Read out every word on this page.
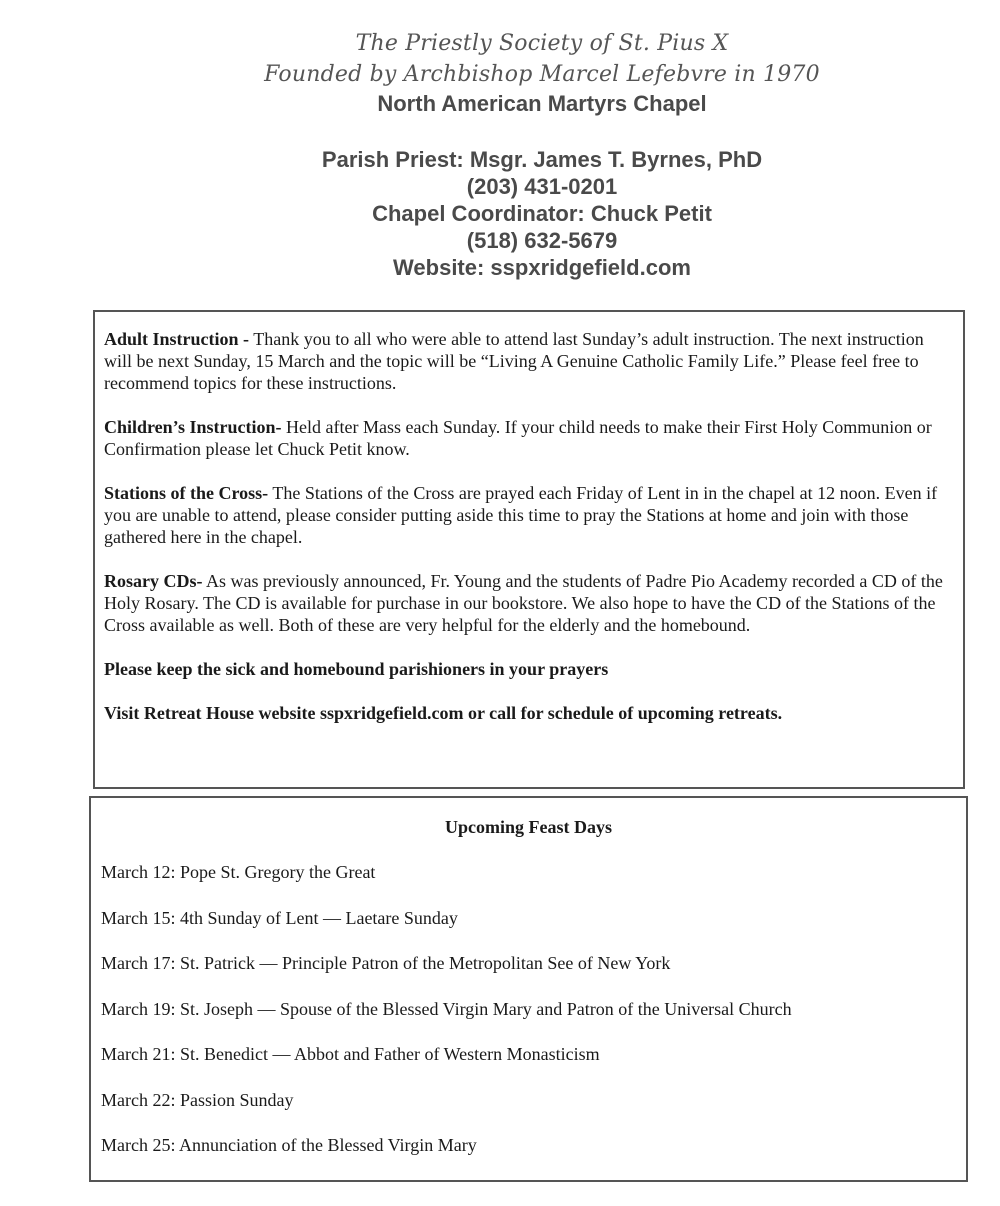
The Priestly Society of St. Pius X
Founded by Archbishop Marcel Lefebvre in 1970
North American Martyrs Chapel
Parish Priest: Msgr. James T. Byrnes, PhD
(203) 431-0201
Chapel Coordinator: Chuck Petit
(518) 632-5679
Website: sspxridgefield.com

Adult Instruction - Thank you to all who were able to attend last Sunday’s adult instruction. The next instruction will be next Sunday, 15 March and the topic will be “Living A Genuine Catholic Family Life.” Please feel free to recommend topics for these instructions.

Children’s Instruction- Held after Mass each Sunday. If your child needs to make their First Holy Communion or Confirmation please let Chuck Petit know.

Stations of the Cross- The Stations of the Cross are prayed each Friday of Lent in in the chapel at 12 noon. Even if you are unable to attend, please consider putting aside this time to pray the Stations at home and join with those gathered here in the chapel.

Rosary CDs- As was previously announced, Fr. Young and the students of Padre Pio Academy recorded a CD of the Holy Rosary. The CD is available for purchase in our bookstore. We also hope to have the CD of the Stations of the Cross available as well. Both of these are very helpful for the elderly and the homebound.

Please keep the sick and homebound parishioners in your prayers

Visit Retreat House website sspxridgefield.com or call for schedule of upcoming retreats.

Upcoming Feast Days
March 12: Pope St. Gregory the Great
March 15: 4th Sunday of Lent — Laetare Sunday
March 17: St. Patrick — Principle Patron of the Metropolitan See of New York
March 19: St. Joseph — Spouse of the Blessed Virgin Mary and Patron of the Universal Church
March 21: St. Benedict — Abbot and Father of Western Monasticism
March 22: Passion Sunday
March 25: Annunciation of the Blessed Virgin Mary
